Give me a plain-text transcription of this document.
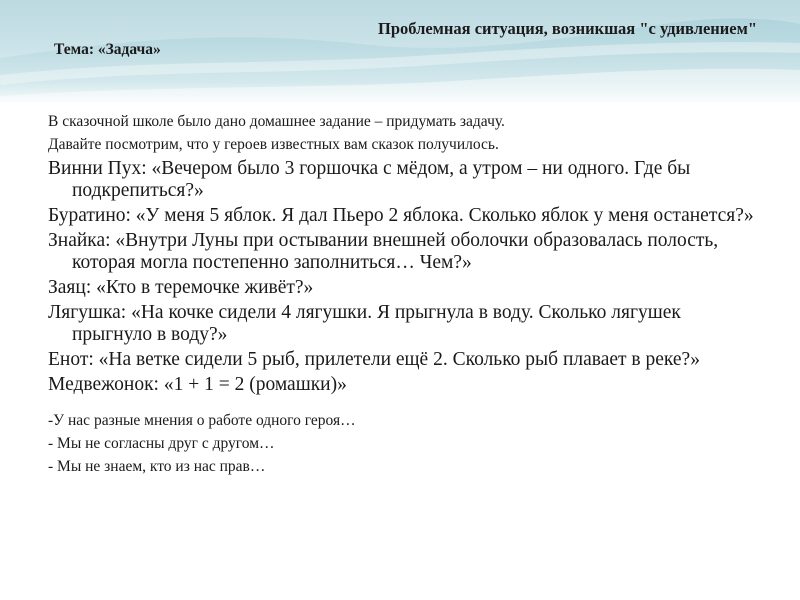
Тема: «Задача»
Проблемная ситуация, возникшая "с удивлением"

В сказочной школе было дано домашнее задание – придумать задачу.

Давайте посмотрим, что у героев известных вам сказок получилось.

Винни Пух: «Вечером было 3 горшочка с мёдом, а утром – ни одного. Где бы подкрепиться?»

Буратино: «У меня 5 яблок. Я дал Пьеро 2 яблока. Сколько яблок у меня останется?»

Знайка: «Внутри Луны при остывании внешней оболочки образовалась полость, которая могла постепенно заполниться… Чем?»

Заяц: «Кто в теремочке живёт?»

Лягушка: «На кочке сидели 4 лягушки. Я прыгнула в воду. Сколько лягушек прыгнуло в воду?»

Енот: «На ветке сидели 5 рыб, прилетели ещё 2. Сколько рыб плавает в реке?»

Медвежонок: «1 + 1 = 2 (ромашки)»

-У нас разные мнения о работе одного героя…

- Мы не согласны друг с другом…

- Мы не знаем, кто из нас прав…
